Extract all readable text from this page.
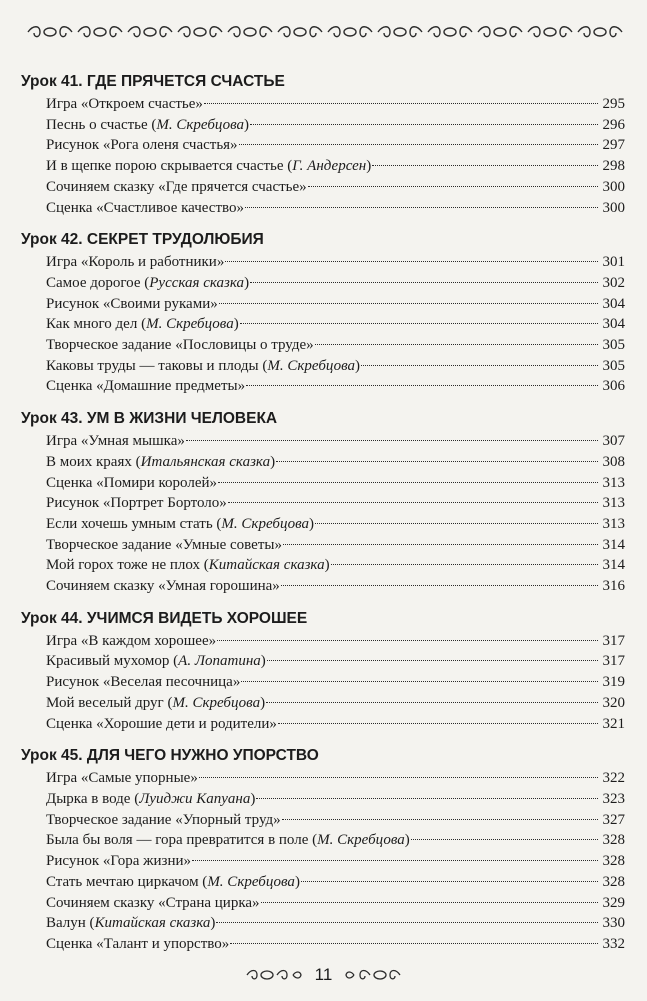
Урок 41. ГДЕ ПРЯЧЕТСЯ СЧАСТЬЕ
Игра «Откроем счастье»	295
Песнь о счастье (М. Скребцова)	296
Рисунок «Рога оленя счастья»	297
И в щепке порою скрывается счастье (Г. Андерсен)	298
Сочиняем сказку «Где прячется счастье»	300
Сценка «Счастливое качество»	300
Урок 42. СЕКРЕТ ТРУДОЛЮБИЯ
Игра «Король и работники»	301
Самое дорогое (Русская сказка)	302
Рисунок «Своими руками»	304
Как много дел (М. Скребцова)	304
Творческое задание «Пословицы о труде»	305
Каковы труды — таковы и плоды (М. Скребцова)	305
Сценка «Домашние предметы»	306
Урок 43. УМ В ЖИЗНИ ЧЕЛОВЕКА
Игра «Умная мышка»	307
В моих краях (Итальянская сказка)	308
Сценка «Помири королей»	313
Рисунок «Портрет Бортоло»	313
Если хочешь умным стать (М. Скребцова)	313
Творческое задание «Умные советы»	314
Мой горох тоже не плох (Китайская сказка)	314
Сочиняем сказку «Умная горошина»	316
Урок 44. УЧИМСЯ ВИДЕТЬ ХОРОШЕЕ
Игра «В каждом хорошее»	317
Красивый мухомор (А. Лопатина)	317
Рисунок «Веселая песочница»	319
Мой веселый друг (М. Скребцова)	320
Сценка «Хорошие дети и родители»	321
Урок 45. ДЛЯ ЧЕГО НУЖНО УПОРСТВО
Игра «Самые упорные»	322
Дырка в воде (Луиджи Капуана)	323
Творческое задание «Упорный труд»	327
Была бы воля — гора превратится в поле (М. Скребцова)	328
Рисунок «Гора жизни»	328
Стать мечтаю циркачом (М. Скребцова)	328
Сочиняем сказку «Страна цирка»	329
Валун (Китайская сказка)	330
Сценка «Талант и упорство»	332
11
